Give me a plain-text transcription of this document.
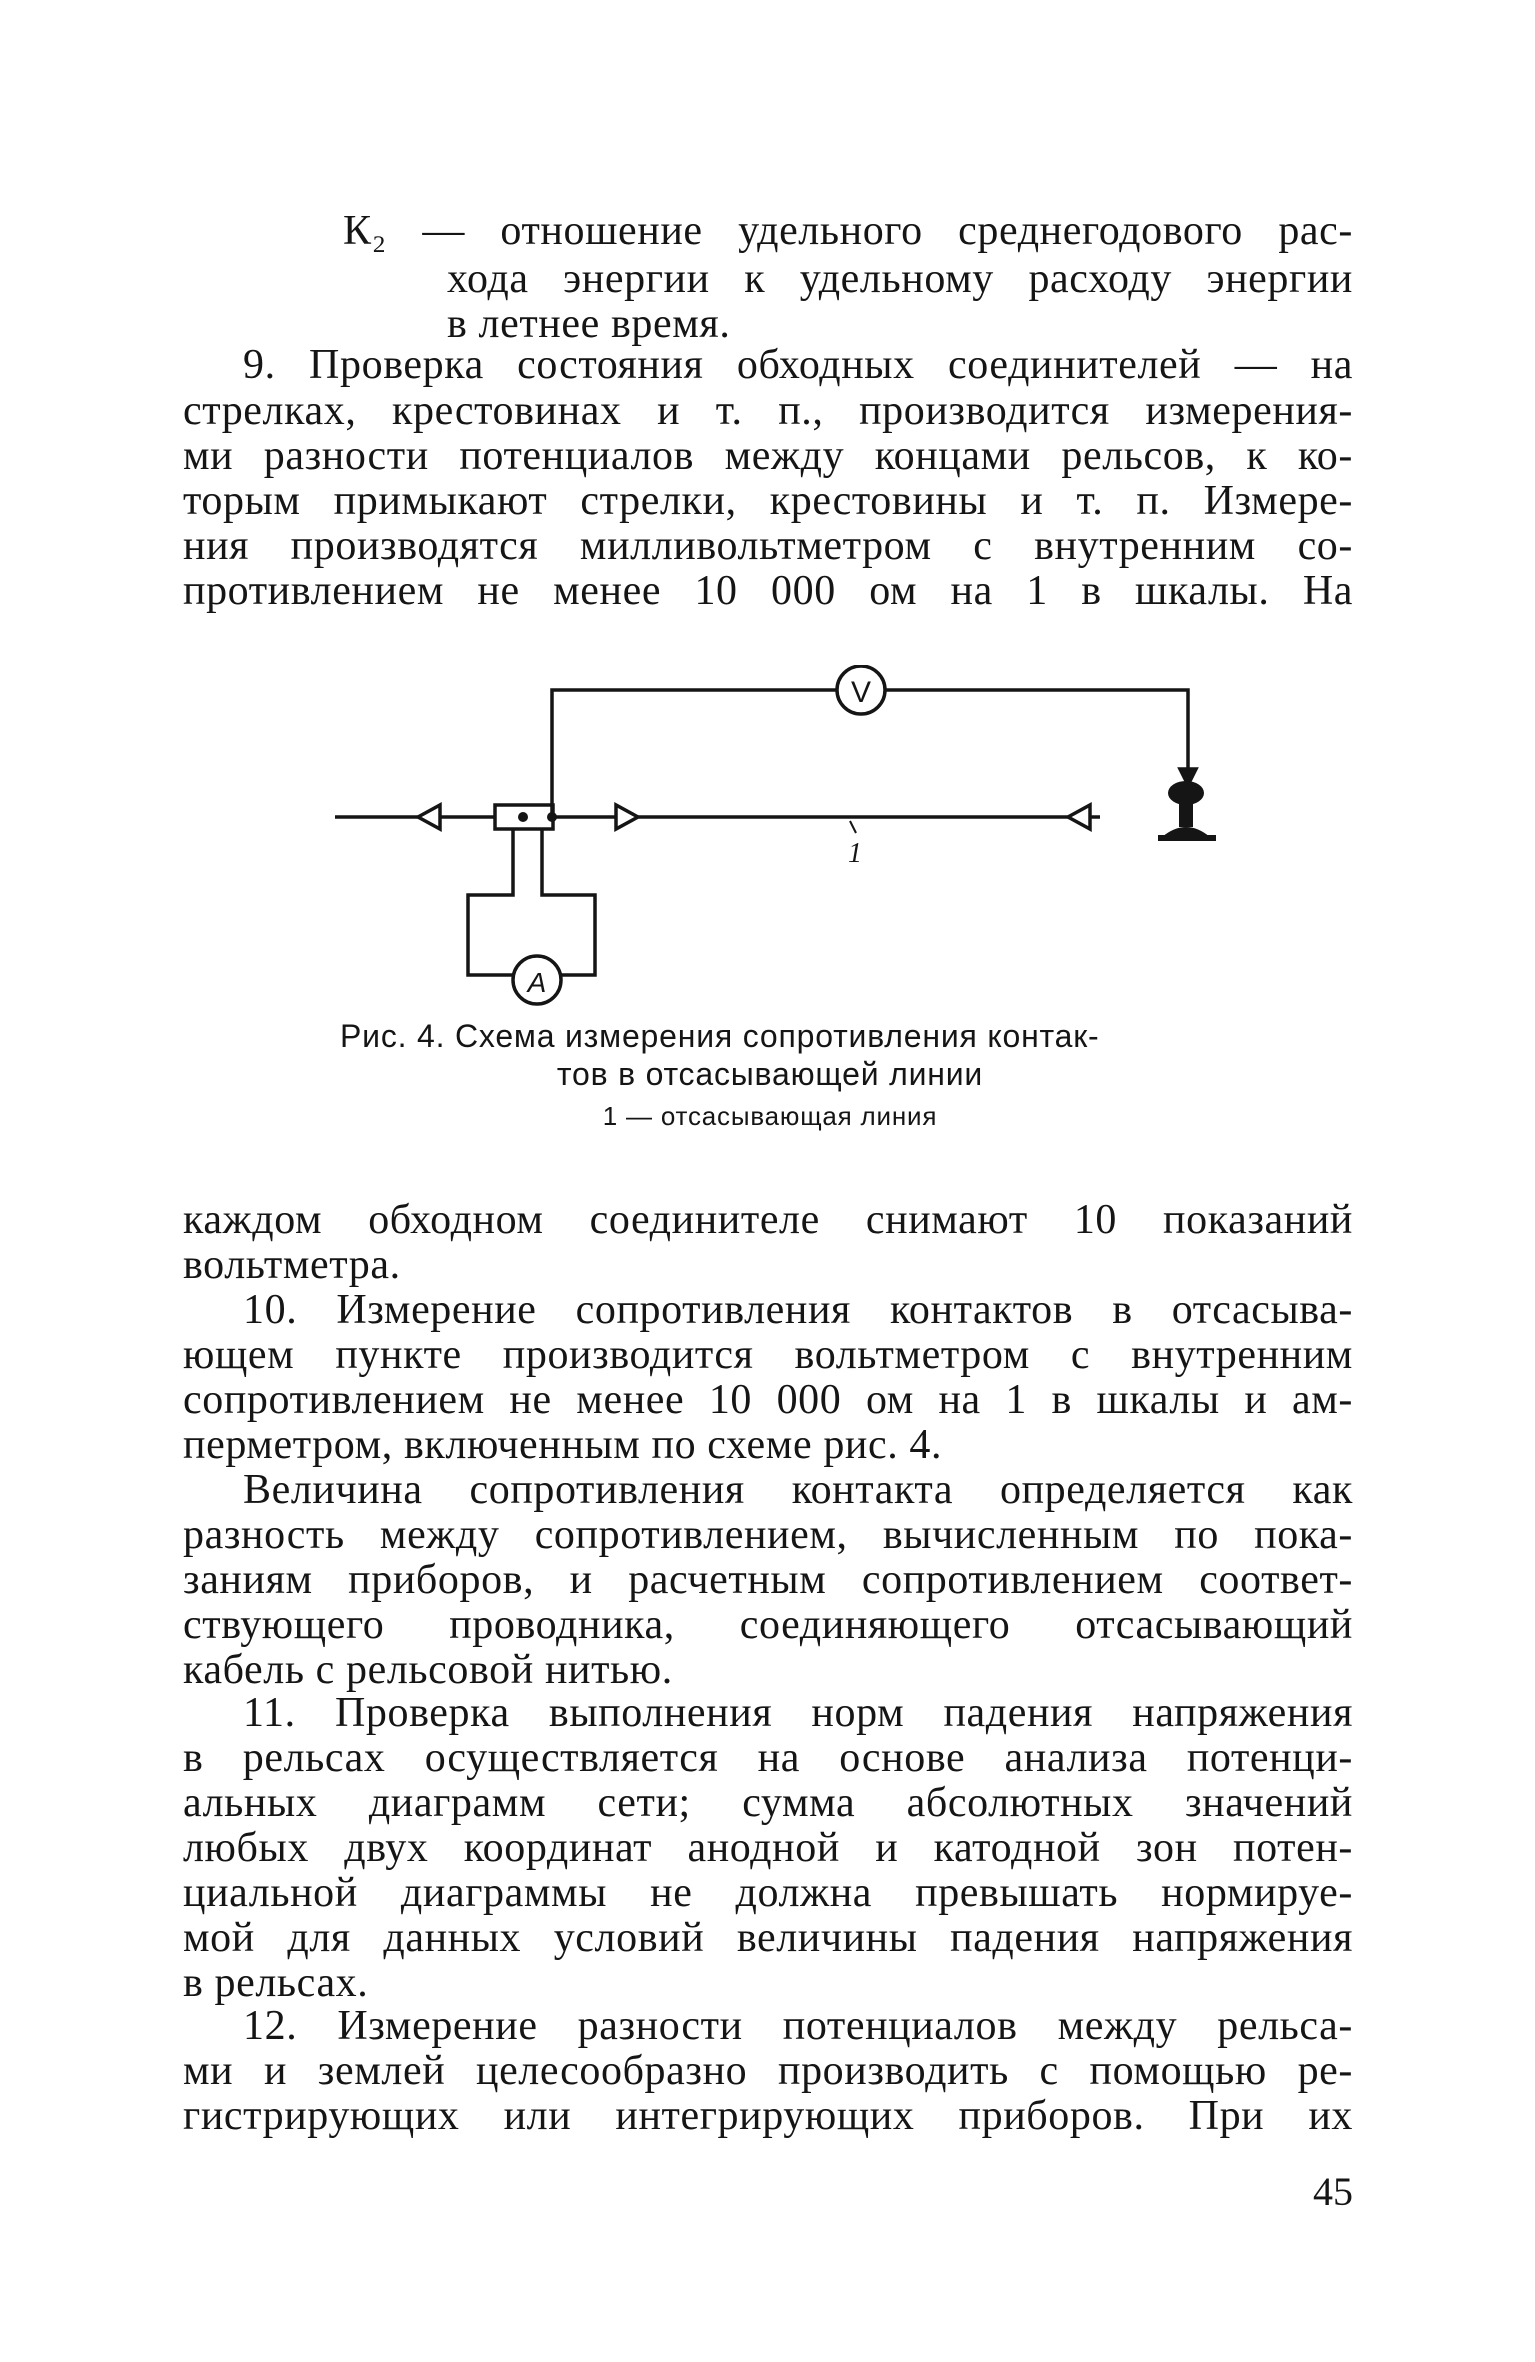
К₂ — отношение удельного среднегодового рас-
хода энергии к удельному расходу энергии
в летнее время.
9. Проверка состояния обходных соединителей — на
стрелках, крестовинах и т. п., производится измерения-
ми разности потенциалов между концами рельсов, к ко-
торым примыкают стрелки, крестовины и т. п. Измере-
ния производятся милливольтметром с внутренним со-
противлением не менее 10 000 ом на 1 в шкалы. На
V
А
1
Рис. 4. Схема измерения сопротивления контак-
тов в отсасывающей линии
1 — отсасывающая линия
каждом обходном соединителе снимают 10 показаний
вольтметра.
10. Измерение сопротивления контактов в отсасыва-
ющем пункте производится вольтметром с внутренним
сопротивлением не менее 10 000 ом на 1 в шкалы и ам-
перметром, включенным по схеме рис. 4.
Величина сопротивления контакта определяется как
разность между сопротивлением, вычисленным по пока-
заниям приборов, и расчетным сопротивлением соответ-
ствующего проводника, соединяющего отсасывающий
кабель с рельсовой нитью.
11. Проверка выполнения норм падения напряжения
в рельсах осуществляется на основе анализа потенци-
альных диаграмм сети; сумма абсолютных значений
любых двух координат анодной и катодной зон потен-
циальной диаграммы не должна превышать нормируе-
мой для данных условий величины падения напряжения
в рельсах.
12. Измерение разности потенциалов между рельса-
ми и землей целесообразно производить с помощью ре-
гистрирующих или интегрирующих приборов. При их
45
